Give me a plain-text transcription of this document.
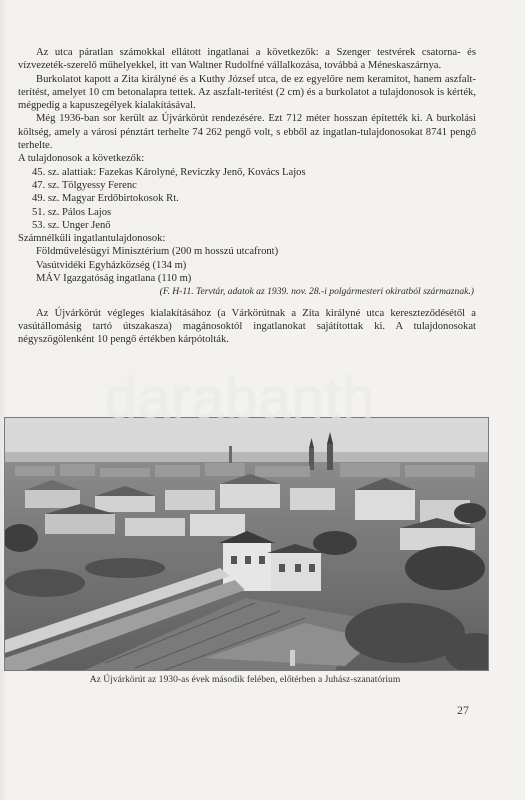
Az utca páratlan számokkal ellátott ingatlanai a következők: a Szenger testvérek csatorna- és vízvezeték-szerelő műhelyekkel, itt van Waltner Rudolfné vállalkozása, továbbá a Méneskaszárnya.

Burkolatot kapott a Zita királyné és a Kuthy József utca, de ez egyelőre nem keramitot, hanem aszfalt-terítést, amelyet 10 cm betonalapra tettek. Az aszfalt-terítést (2 cm) és a burkolatot a tulajdonosok is kérték, mégpedig a kapuszegélyek kialakításával.

Még 1936-ban sor került az Újvárkörút rendezésére. Ezt 712 méter hosszan építették ki. A burkolási költség, amely a városi pénztárt terhelte 74 262 pengő volt, s ebből az ingatlan-tulajdonosokat 8741 pengő terhelte.

A tulajdonosok a következők:

45. sz. alattiak: Fazekas Károlyné, Reviczky Jenő, Kovács Lajos

47. sz. Tölgyessy Ferenc

49. sz. Magyar Erdőbirtokosok Rt.

51. sz. Pálos Lajos

53. sz. Unger Jenő

Számnélküli ingatlantulajdonosok:

Földművelésügyi Minisztérium (200 m hosszú utcafront)

Vasútvidéki Egyházközség (134 m)

MÁV Igazgatóság ingatlana (110 m)

(F. H-11. Tervtár, adatok az 1939. nov. 28.-i polgármesteri okiratból származnak.)

Az Újvárkörút végleges kialakításához (a Várkörútnak a Zita királyné utca kereszteződésétől a vasútállomásig tartó útszakasza) magánosoktól ingatlanokat sajátítottak ki. A tulajdonosokat négyszögölenként 10 pengő értékben kárpótolták.

darabanth
Az Újvárkörút az 1930-as évek második felében, előtérben a Juhász-szanatórium
27
